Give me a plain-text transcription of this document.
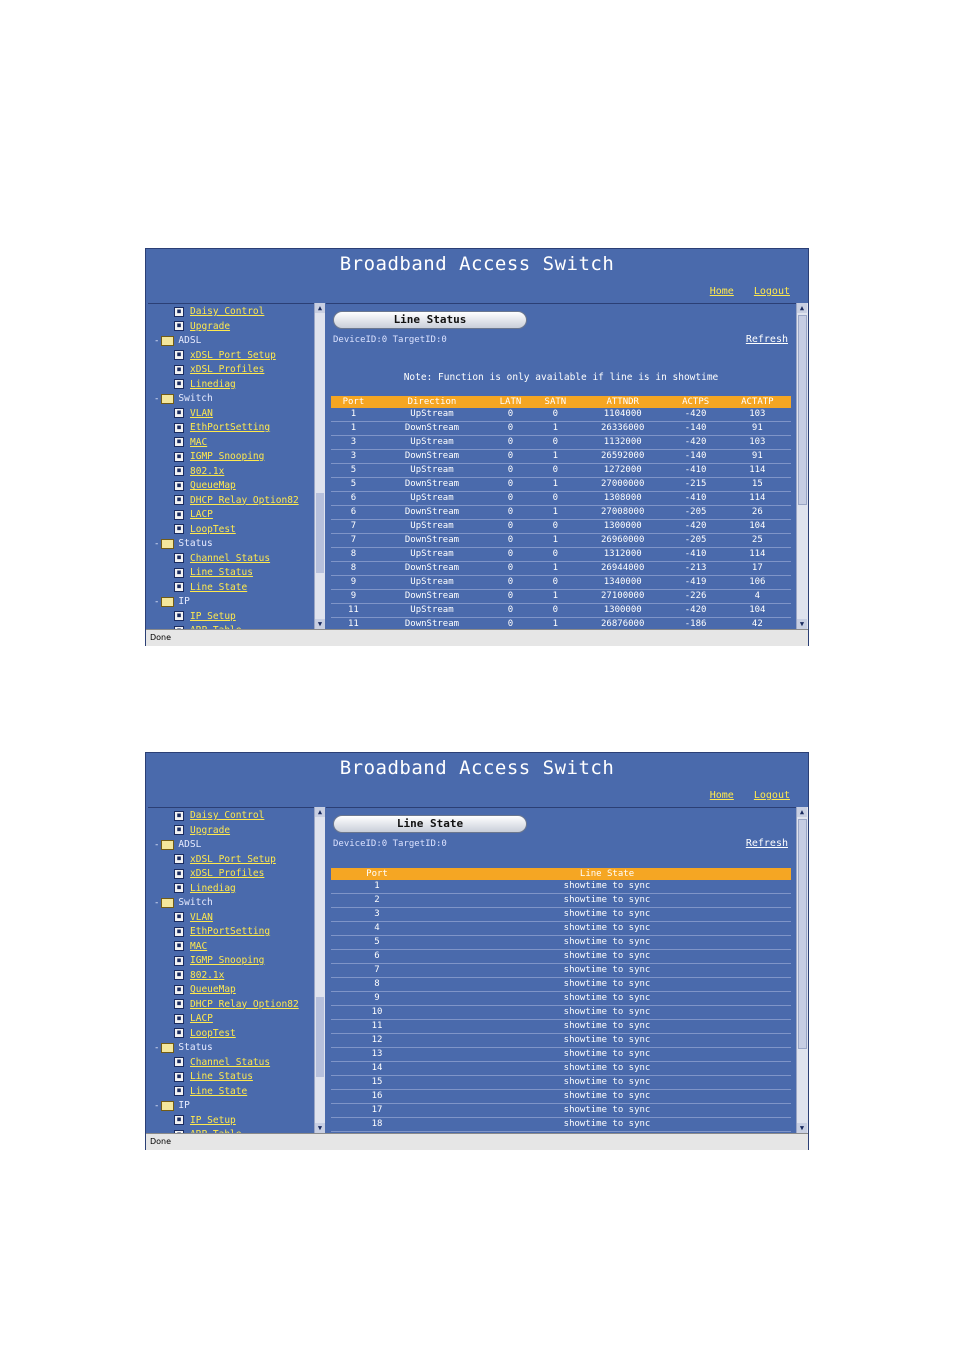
Broadband Access Switch
Home Logout
■ Daisy Control
■ Upgrade
- ADSL
■ xDSL Port Setup
■ xDSL Profiles
■ Linediag
- Switch
■ VLAN
■ EthPortSetting
■ MAC
■ IGMP Snooping
■ 802.1x
■ QueueMap
■ DHCP Relay Option82
■ LACP
■ LoopTest
- Status
■ Channel Status
■ Line Status
■ Line State
- IP
■ IP Setup
▲
▼
Line Status
DeviceID:0 TargetID:0	Refresh
Note: Function is only available if line is in showtime
Port	Direction	LATN	SATN	ATTNDR	ACTPS	ACTATP
1	UpStream	0	0	1104000	-420	103
1	DownStream	0	1	26336000	-140	91
3	UpStream	0	0	1132000	-420	103
3	DownStream	0	1	26592000	-140	91
5	UpStream	0	0	1272000	-410	114
5	DownStream	0	1	27000000	-215	15
6	UpStream	0	0	1308000	-410	114
6	DownStream	0	1	27008000	-205	26
7	UpStream	0	0	1300000	-420	104
7	DownStream	0	1	26960000	-205	25
8	UpStream	0	0	1312000	-410	114
8	DownStream	0	1	26944000	-213	17
9	UpStream	0	0	1340000	-419	106
9	DownStream	0	1	27100000	-226	4
11	UpStream	0	0	1300000	-420	104
11	DownStream	0	1	26876000	-186	42
▲
▼
Done
Broadband Access Switch
Home Logout
■ Daisy Control
■ Upgrade
- ADSL
■ xDSL Port Setup
■ xDSL Profiles
■ Linediag
- Switch
■ VLAN
■ EthPortSetting
■ MAC
■ IGMP Snooping
■ 802.1x
■ QueueMap
■ DHCP Relay Option82
■ LACP
■ LoopTest
- Status
■ Channel Status
■ Line Status
■ Line State
- IP
■ IP Setup
▲
▼
Line State
DeviceID:0 TargetID:0	Refresh
Port	Line State
1	showtime to sync
2	showtime to sync
3	showtime to sync
4	showtime to sync
5	showtime to sync
6	showtime to sync
7	showtime to sync
8	showtime to sync
9	showtime to sync
10	showtime to sync
11	showtime to sync
12	showtime to sync
13	showtime to sync
14	showtime to sync
15	showtime to sync
16	showtime to sync
17	showtime to sync
18	showtime to sync

▲
▼
Done
